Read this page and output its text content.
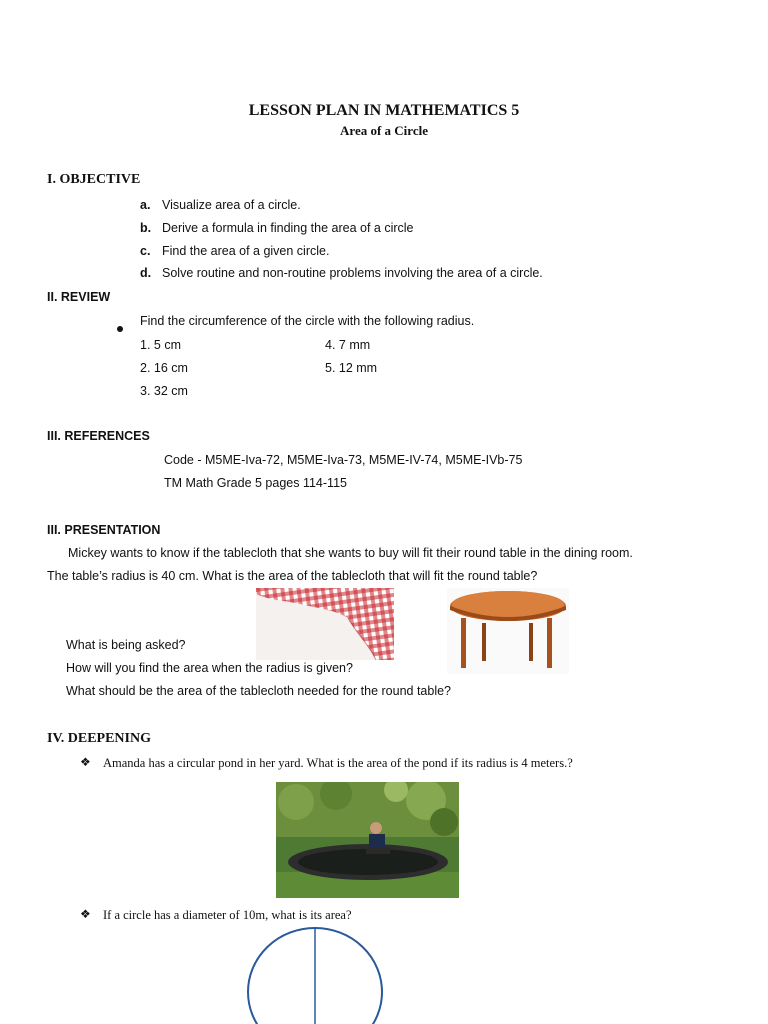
LESSON PLAN IN MATHEMATICS 5
Area of a Circle
I. OBJECTIVE
a. Visualize area of a circle.
b. Derive a formula in finding the area of a circle
c. Find the area of a given circle.
d. Solve routine and non-routine problems involving the area of a circle.
II. REVIEW
Find the circumference of the circle with the following radius.
1. 5 cm
2. 16 cm
3. 32 cm
4. 7 mm
5. 12 mm
III. REFERENCES
Code - M5ME-Iva-72, M5ME-Iva-73, M5ME-IV-74, M5ME-IVb-75
TM Math Grade 5 pages 114-115
III. PRESENTATION
Mickey wants to know if the tablecloth that she wants to buy will fit their round table in the dining room.
The table’s radius is 40 cm. What is the area of the tablecloth that will fit the round table?
What is being asked?
How will you find the area when the radius is given?
What should be the area of the tablecloth needed for the round table?
IV. DEEPENING
❖ Amanda has a circular pond in her yard. What is the area of the pond if its radius is 4 meters.?
❖ If a circle has a diameter of 10m, what is its area?
